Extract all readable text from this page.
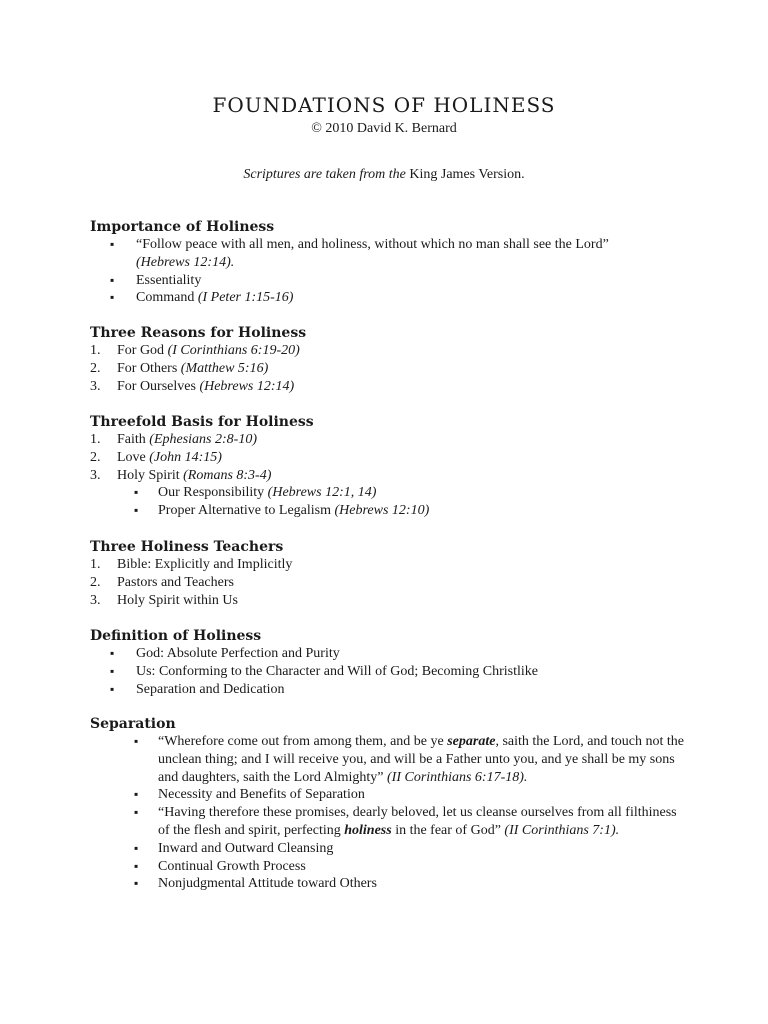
FOUNDATIONS OF HOLINESS
© 2010 David K. Bernard
Scriptures are taken from the King James Version.
Importance of Holiness
▪ “Follow peace with all men, and holiness, without which no man shall see the Lord”
(Hebrews 12:14).
▪ Essentiality
▪ Command (I Peter 1:15-16)
Three Reasons for Holiness
1. For God (I Corinthians 6:19-20)
2. For Others (Matthew 5:16)
3. For Ourselves (Hebrews 12:14)
Threefold Basis for Holiness
1. Faith (Ephesians 2:8-10)
2. Love (John 14:15)
3. Holy Spirit (Romans 8:3-4)
▪ Our Responsibility (Hebrews 12:1, 14)
▪ Proper Alternative to Legalism (Hebrews 12:10)
Three Holiness Teachers
1. Bible: Explicitly and Implicitly
2. Pastors and Teachers
3. Holy Spirit within Us
Definition of Holiness
▪ God: Absolute Perfection and Purity
▪ Us: Conforming to the Character and Will of God; Becoming Christlike
▪ Separation and Dedication
Separation
▪ “Wherefore come out from among them, and be ye separate, saith the Lord, and touch not the unclean thing; and I will receive you, and will be a Father unto you, and ye shall be my sons and daughters, saith the Lord Almighty” (II Corinthians 6:17-18).
▪ Necessity and Benefits of Separation
▪ “Having therefore these promises, dearly beloved, let us cleanse ourselves from all filthiness of the flesh and spirit, perfecting holiness in the fear of God” (II Corinthians 7:1).
▪ Inward and Outward Cleansing
▪ Continual Growth Process
▪ Nonjudgmental Attitude toward Others
